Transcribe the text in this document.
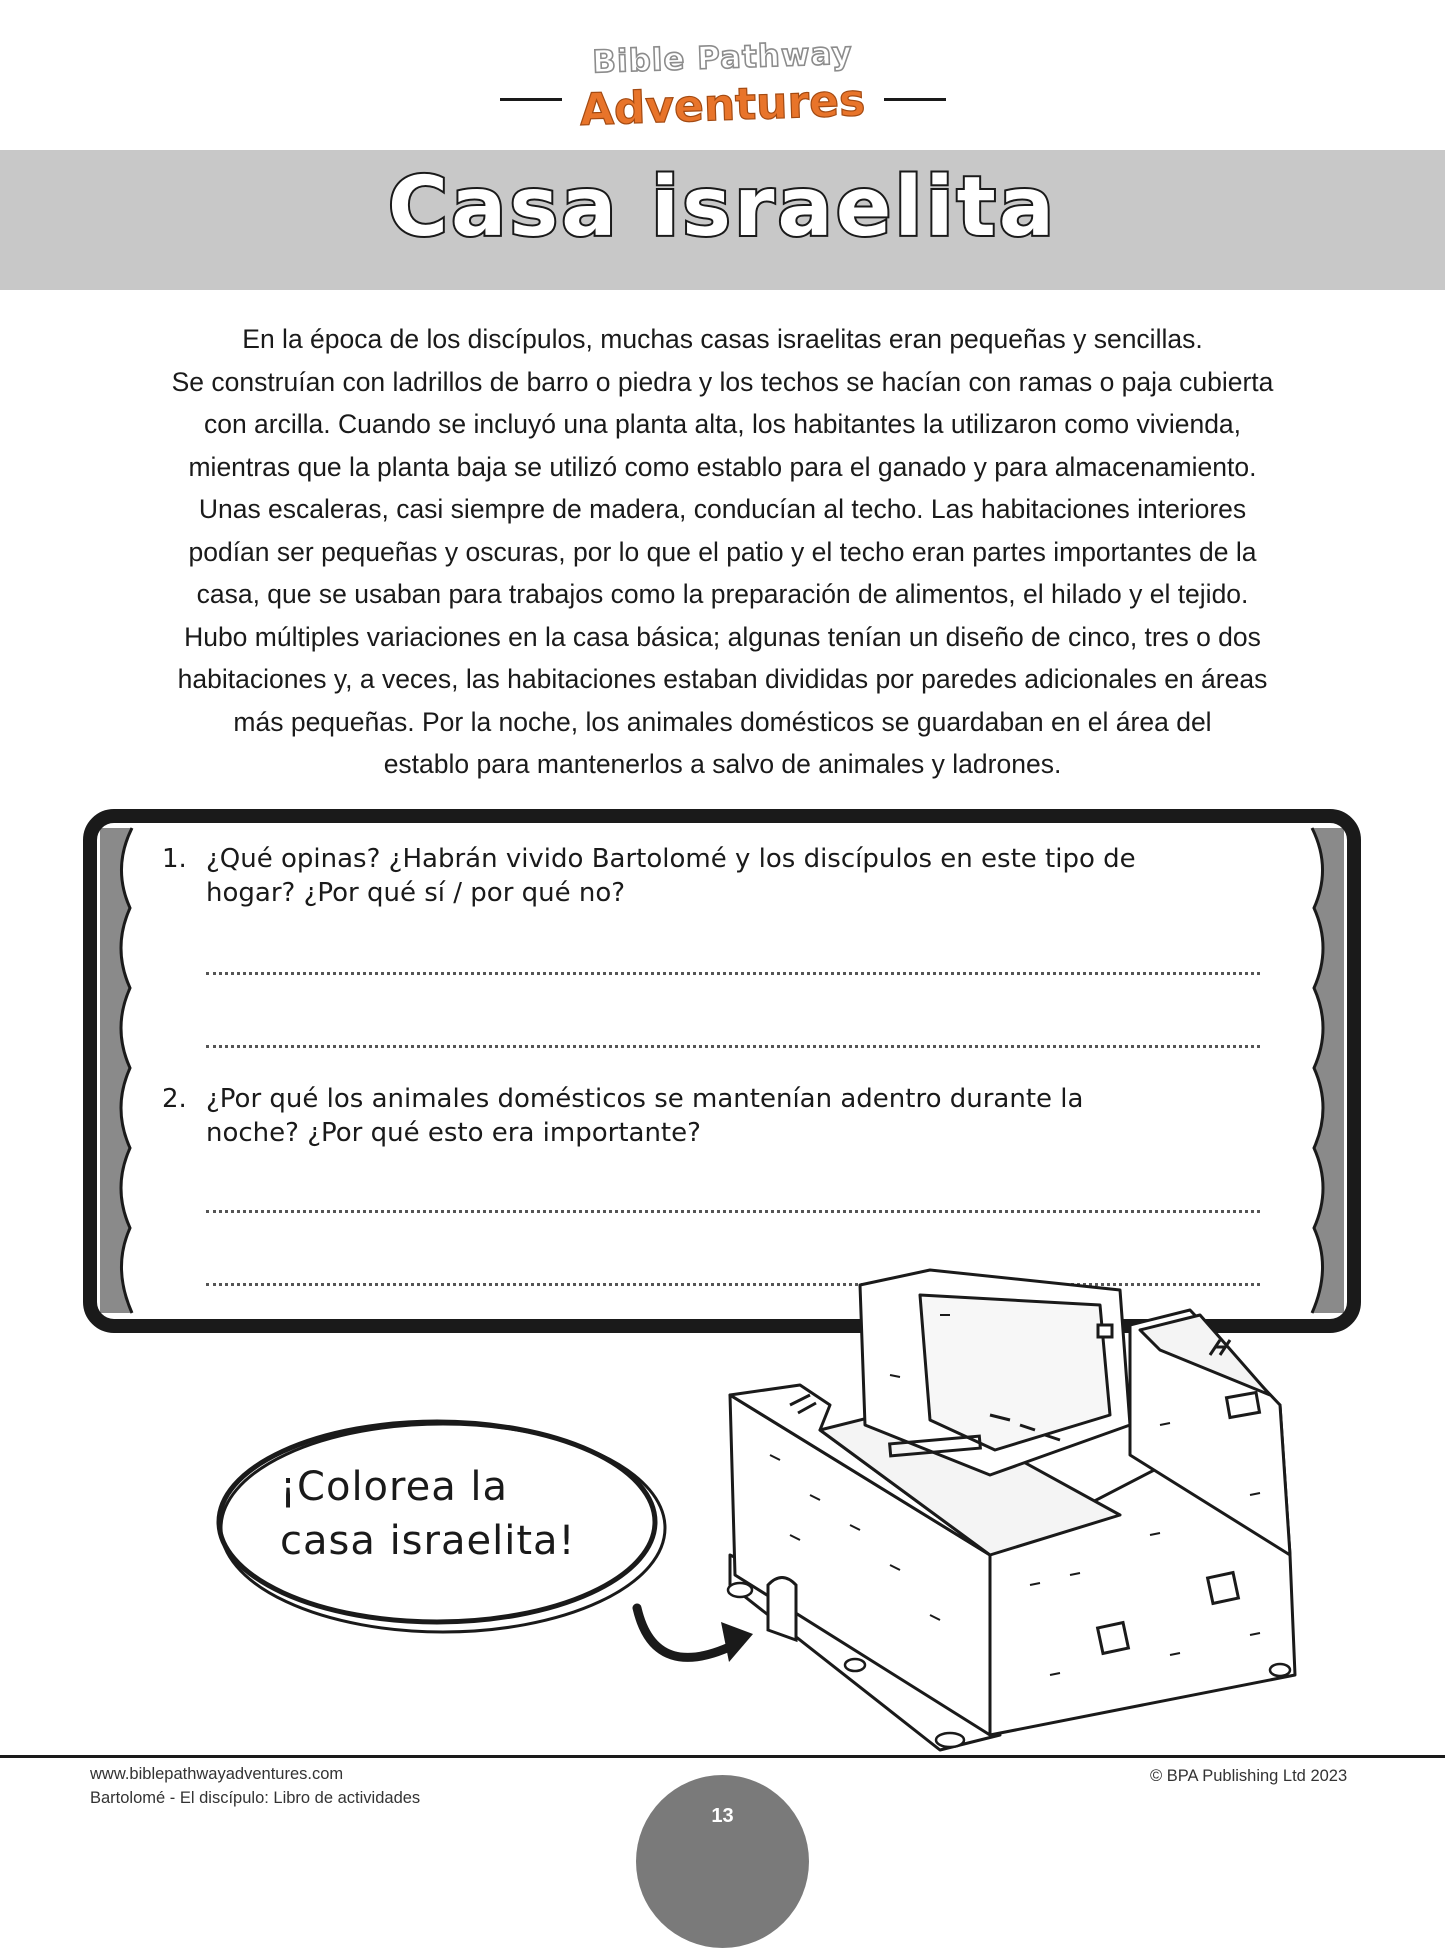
Bible Pathway
Adventures
Casa israelita
En la época de los discípulos, muchas casas israelitas eran pequeñas y sencillas.
Se construían con ladrillos de barro o piedra y los techos se hacían con ramas o paja cubierta
con arcilla. Cuando se incluyó una planta alta, los habitantes la utilizaron como vivienda,
mientras que la planta baja se utilizó como establo para el ganado y para almacenamiento.
Unas escaleras, casi siempre de madera, conducían al techo. Las habitaciones interiores
podían ser pequeñas y oscuras, por lo que el patio y el techo eran partes importantes de la
casa, que se usaban para trabajos como la preparación de alimentos, el hilado y el tejido.
Hubo múltiples variaciones en la casa básica; algunas tenían un diseño de cinco, tres o dos
habitaciones y, a veces, las habitaciones estaban divididas por paredes adicionales en áreas
más pequeñas. Por la noche, los animales domésticos se guardaban en el área del
establo para mantenerlos a salvo de animales y ladrones.
1. ¿Qué opinas? ¿Habrán vivido Bartolomé y los discípulos en este tipo de
hogar? ¿Por qué sí / por qué no?
2. ¿Por qué los animales domésticos se mantenían adentro durante la
noche? ¿Por qué esto era importante?
¡Colorea la
casa israelita!
www.biblepathwayadventures.com
Bartolomé - El discípulo: Libro de actividades
© BPA Publishing Ltd 2023
13
